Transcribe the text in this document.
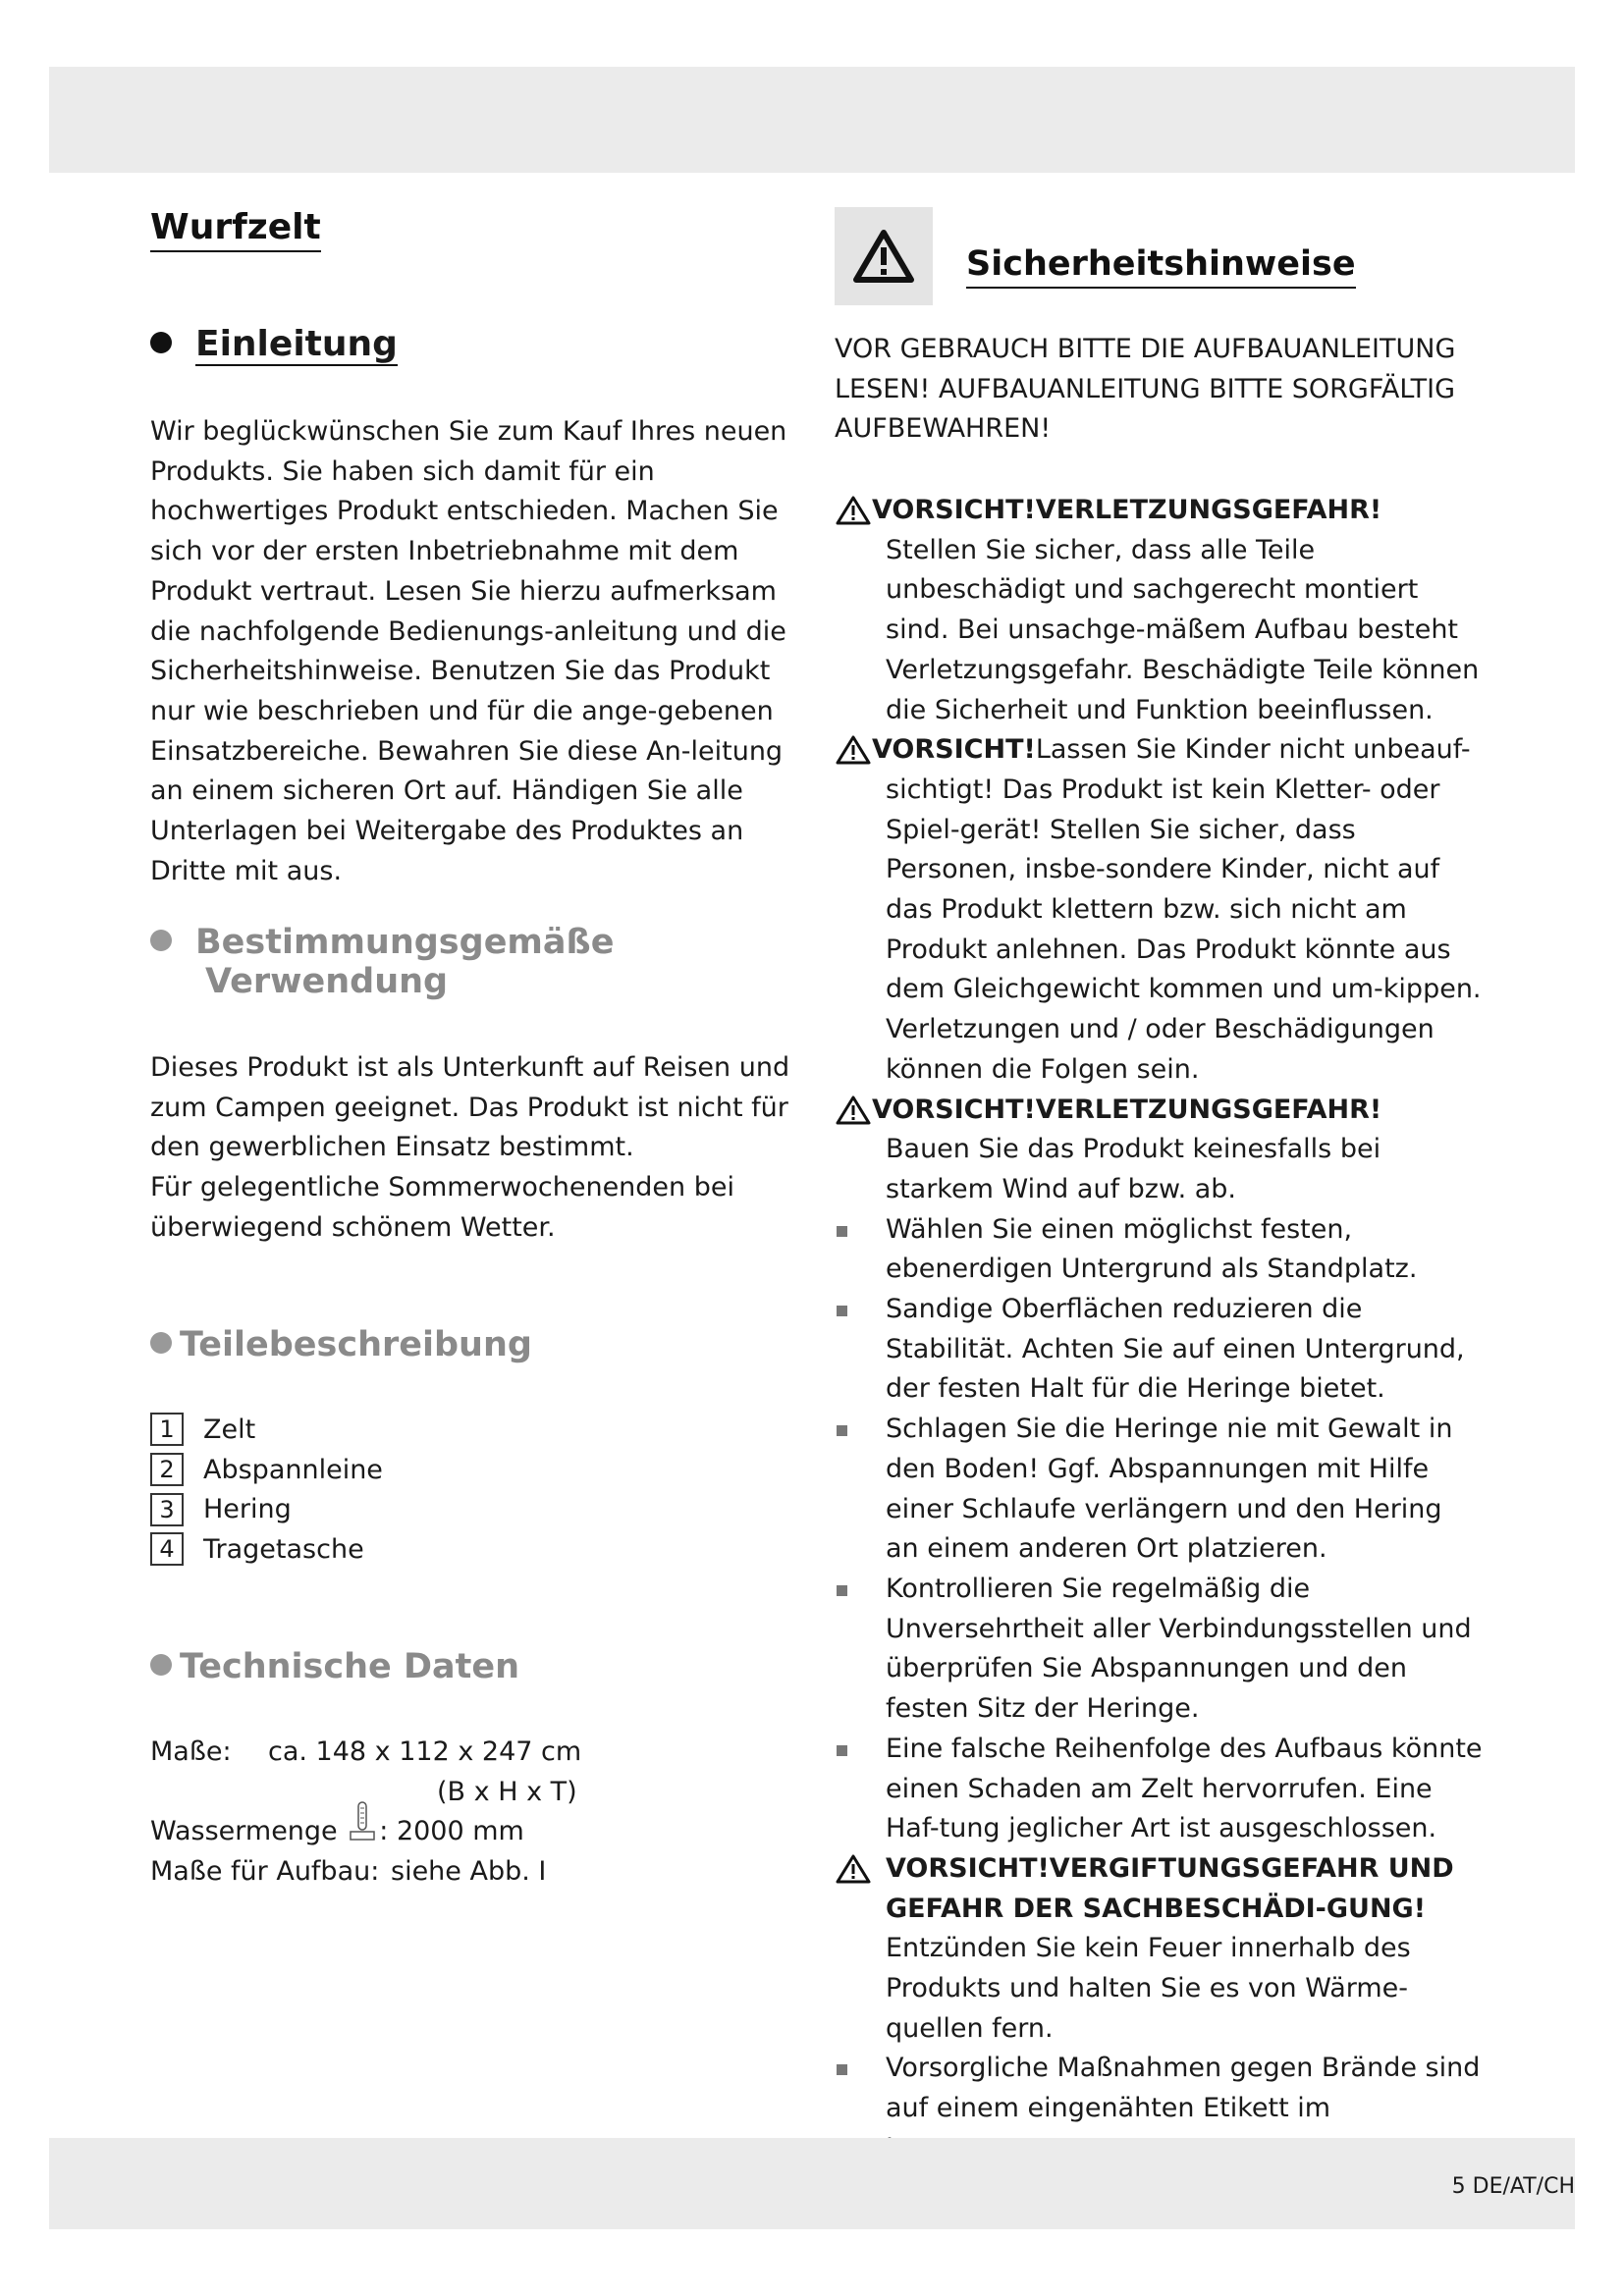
Wurfzelt
Einleitung

Wir beglückwünschen Sie zum Kauf Ihres neuen Produkts. Sie haben sich damit für ein hochwertiges Produkt entschieden. Machen Sie sich vor der ersten Inbetriebnahme mit dem Produkt vertraut. Lesen Sie hierzu aufmerksam die nachfolgende Bedienungs-anleitung und die Sicherheitshinweise. Benutzen Sie das Produkt nur wie beschrieben und für die ange-gebenen Einsatzbereiche. Bewahren Sie diese An-leitung an einem sicheren Ort auf. Händigen Sie alle Unterlagen bei Weitergabe des Produktes an Dritte mit aus.

Bestimmungsgemäße
Verwendung

Dieses Produkt ist als Unterkunft auf Reisen und zum Campen geeignet. Das Produkt ist nicht für den gewerblichen Einsatz bestimmt.

Für gelegentliche Sommerwochenenden bei überwiegend schönem Wetter.

Teilebeschreibung
1	Zelt
2	Abspannleine
3	Hering
4	Tragetasche
Technische Daten
Maße: ca. 148 x 112 x 247 cm
(B x H x T)
Wassermenge : 2000 mm
Maße für Aufbau: siehe Abb. I
Sicherheitshinweise

VOR GEBRAUCH BITTE DIE AUFBAUANLEITUNG LESEN! AUFBAUANLEITUNG BITTE SORGFÄLTIG AUFBEWAHREN!

VORSICHT!VERLETZUNGSGEFAHR!
Stellen Sie sicher, dass alle Teile unbeschädigt und sachgerecht montiert sind. Bei unsachge-mäßem Aufbau besteht Verletzungsgefahr. Beschädigte Teile können die Sicherheit und Funktion beeinflussen.
VORSICHT!Lassen Sie Kinder nicht unbeauf-sichtigt! Das Produkt ist kein Kletter- oder Spiel-gerät! Stellen Sie sicher, dass Personen, insbe-sondere Kinder, nicht auf das Produkt klettern bzw. sich nicht am Produkt anlehnen. Das Produkt könnte aus dem Gleichgewicht kommen und um-kippen. Verletzungen und / oder Beschädigungen können die Folgen sein.
VORSICHT!VERLETZUNGSGEFAHR!
Bauen Sie das Produkt keinesfalls bei starkem Wind auf bzw. ab.
Wählen Sie einen möglichst festen, ebenerdigen Untergrund als Standplatz.
Sandige Oberflächen reduzieren die Stabilität. Achten Sie auf einen Untergrund, der festen Halt für die Heringe bietet.
Schlagen Sie die Heringe nie mit Gewalt in den Boden! Ggf. Abspannungen mit Hilfe einer Schlaufe verlängern und den Hering an einem anderen Ort platzieren.
Kontrollieren Sie regelmäßig die Unversehrtheit aller Verbindungsstellen und überprüfen Sie Abspannungen und den festen Sitz der Heringe.
Eine falsche Reihenfolge des Aufbaus könnte einen Schaden am Zelt hervorrufen. Eine Haf-tung jeglicher Art ist ausgeschlossen.
VORSICHT!VERGIFTUNGSGEFAHR UND GEFAHR DER SACHBESCHÄDI-GUNG! Entzünden Sie kein Feuer innerhalb des Produkts und halten Sie es von Wärme-quellen fern.
Vorsorgliche Maßnahmen gegen Brände sind auf einem eingenähten Etikett im
5 DE/AT/CH
